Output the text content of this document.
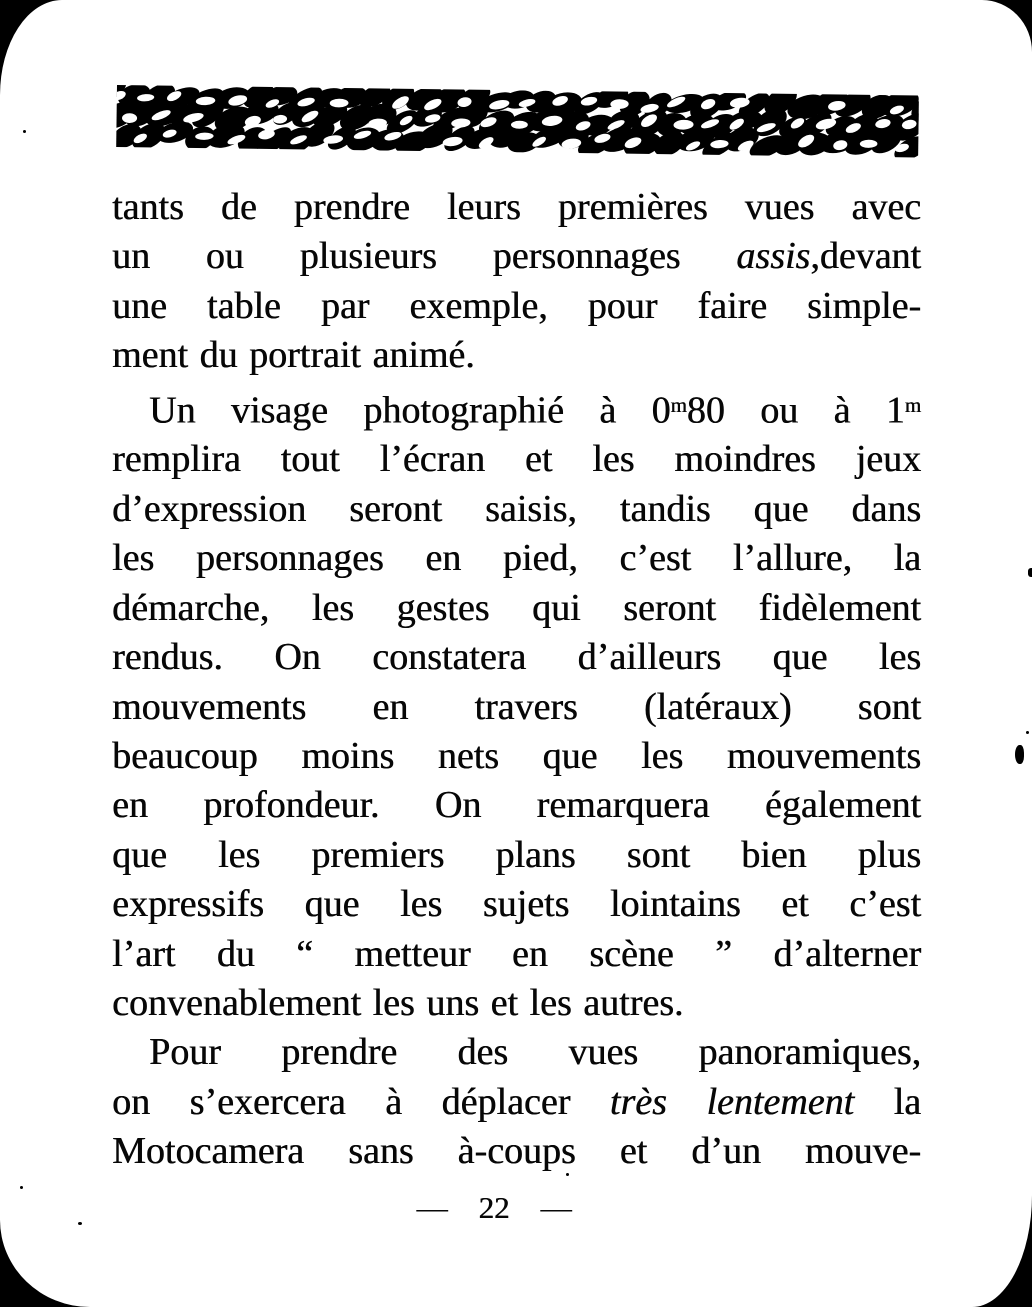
tants de prendre leurs premières vues avec
un ou plusieurs personnages assis,devant
une table par exemple, pour faire simple-
ment du portrait animé.
Un visage photographié à 0$^m$80 ou à 1$^m$
remplira tout l’écran et les moindres jeux
d’expression seront saisis, tandis que dans
les personnages en pied, c’est l’allure, la
démarche, les gestes qui seront fidèlement
rendus. On constatera d’ailleurs que les
mouvements en travers (latéraux) sont
beaucoup moins nets que les mouvements
en profondeur. On remarquera également
que les premiers plans sont bien plus
expressifs que les sujets lointains et c’est
l’art du “ metteur en scène ” d’alterner
convenablement les uns et les autres.
Pour prendre des vues panoramiques,
on s’exercera à déplacer très lentement la
Motocamera sans à-coups et d’un mouve-
—  22  —
